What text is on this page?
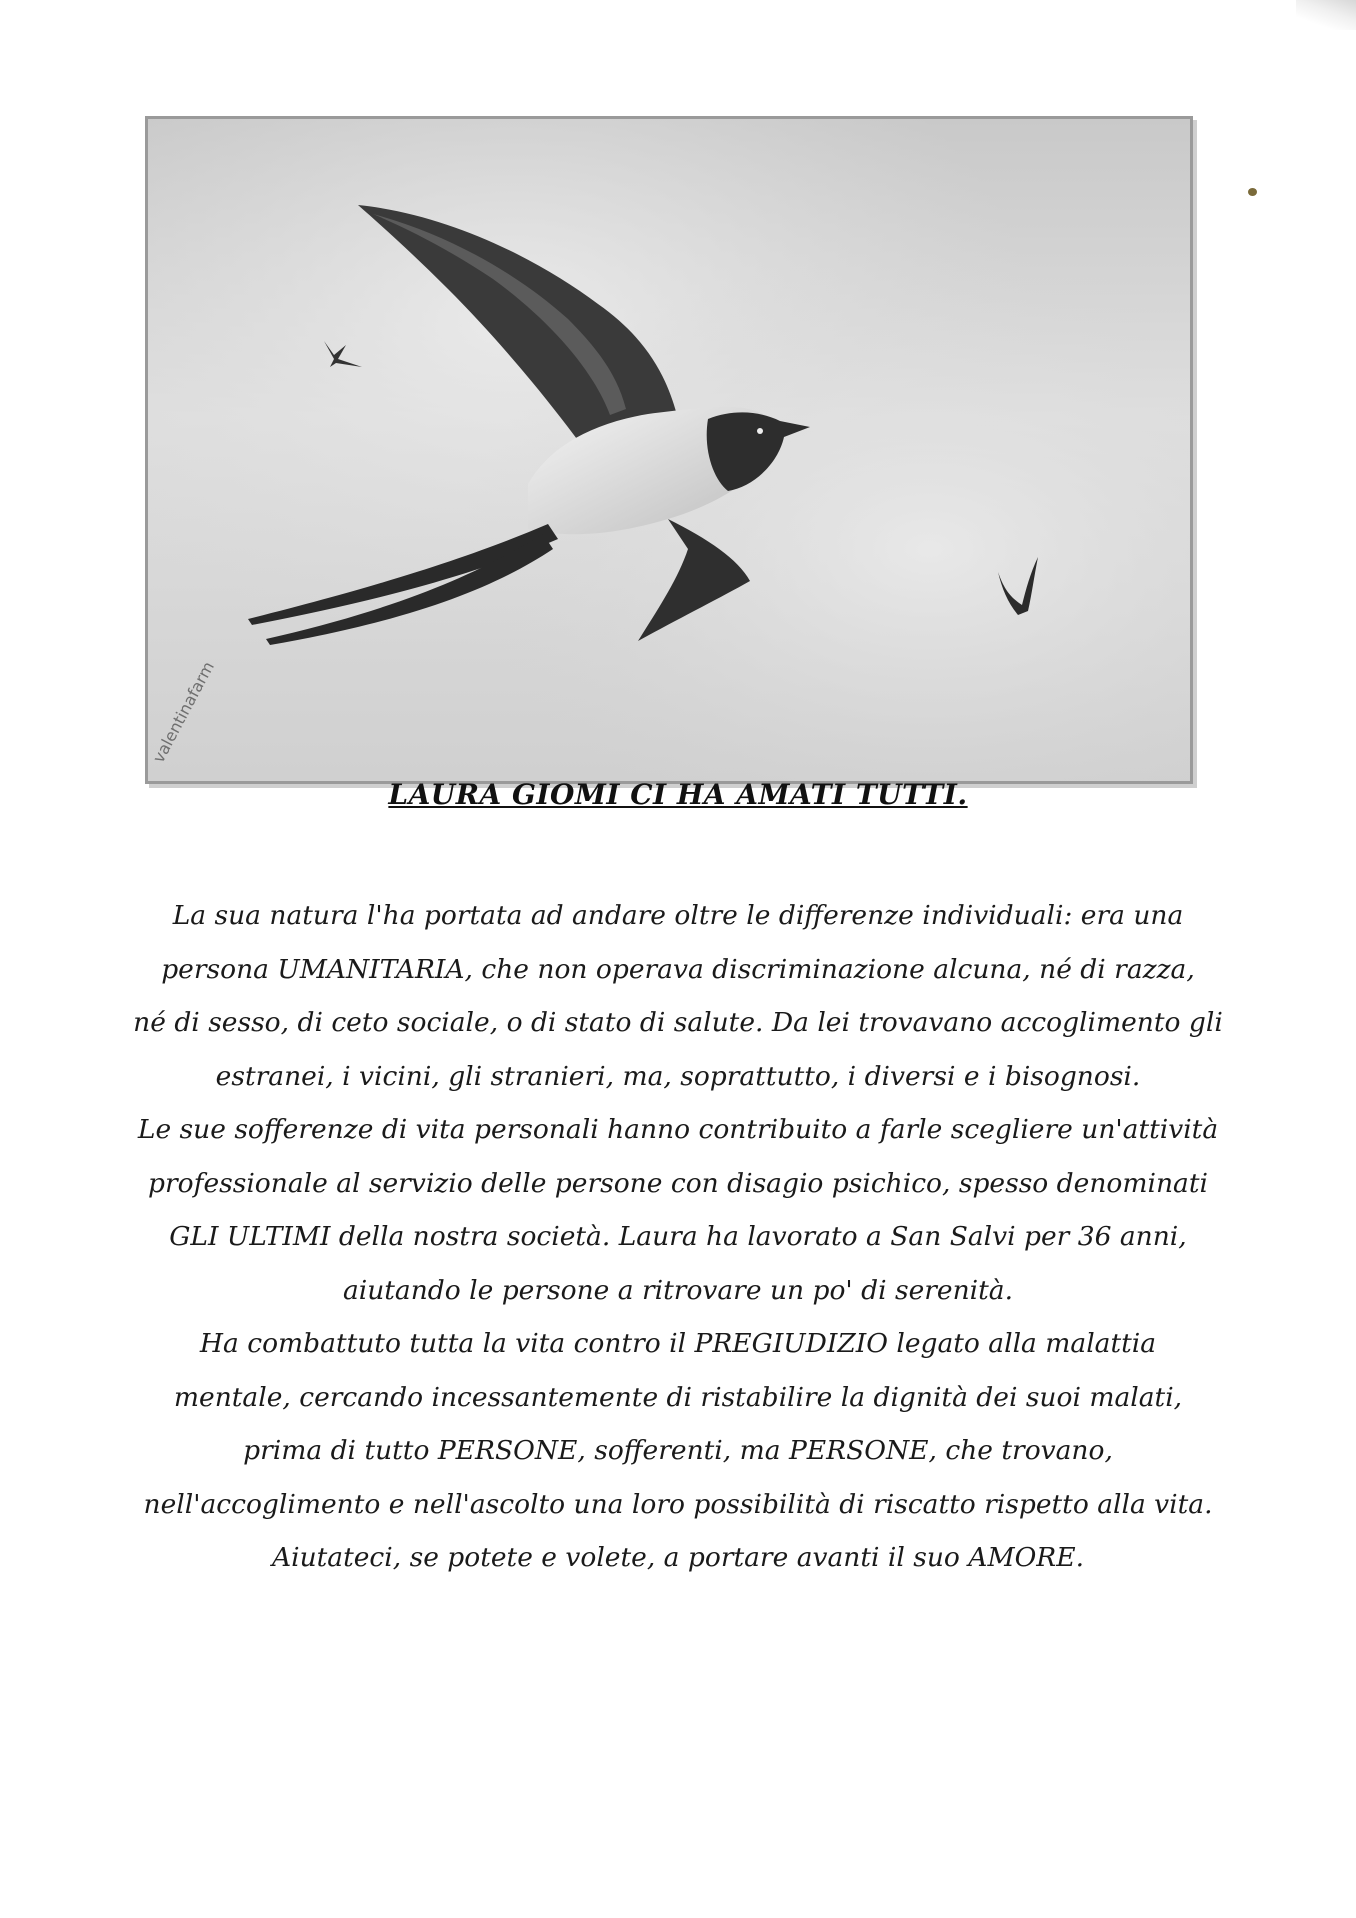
valentinafarm
LAURA GIOMI CI HA AMATI TUTTI.
La sua natura l'ha portata ad andare oltre le differenze individuali: era una
persona UMANITARIA, che non operava discriminazione alcuna, né di razza,
né di sesso, di ceto sociale, o di stato di salute. Da lei trovavano accoglimento gli
estranei, i vicini, gli stranieri, ma, soprattutto, i diversi e i bisognosi.
Le sue sofferenze di vita personali hanno contribuito a farle scegliere un'attività
professionale al servizio delle persone con disagio psichico, spesso denominati
GLI ULTIMI della nostra società. Laura ha lavorato a San Salvi per 36 anni,
aiutando le persone a ritrovare un po' di serenità.
Ha combattuto tutta la vita contro il PREGIUDIZIO legato alla malattia
mentale, cercando incessantemente di ristabilire la dignità dei suoi malati,
prima di tutto PERSONE, sofferenti, ma PERSONE, che trovano,
nell'accoglimento e nell'ascolto una loro possibilità di riscatto rispetto alla vita.
Aiutateci, se potete e volete, a portare avanti il suo AMORE.
